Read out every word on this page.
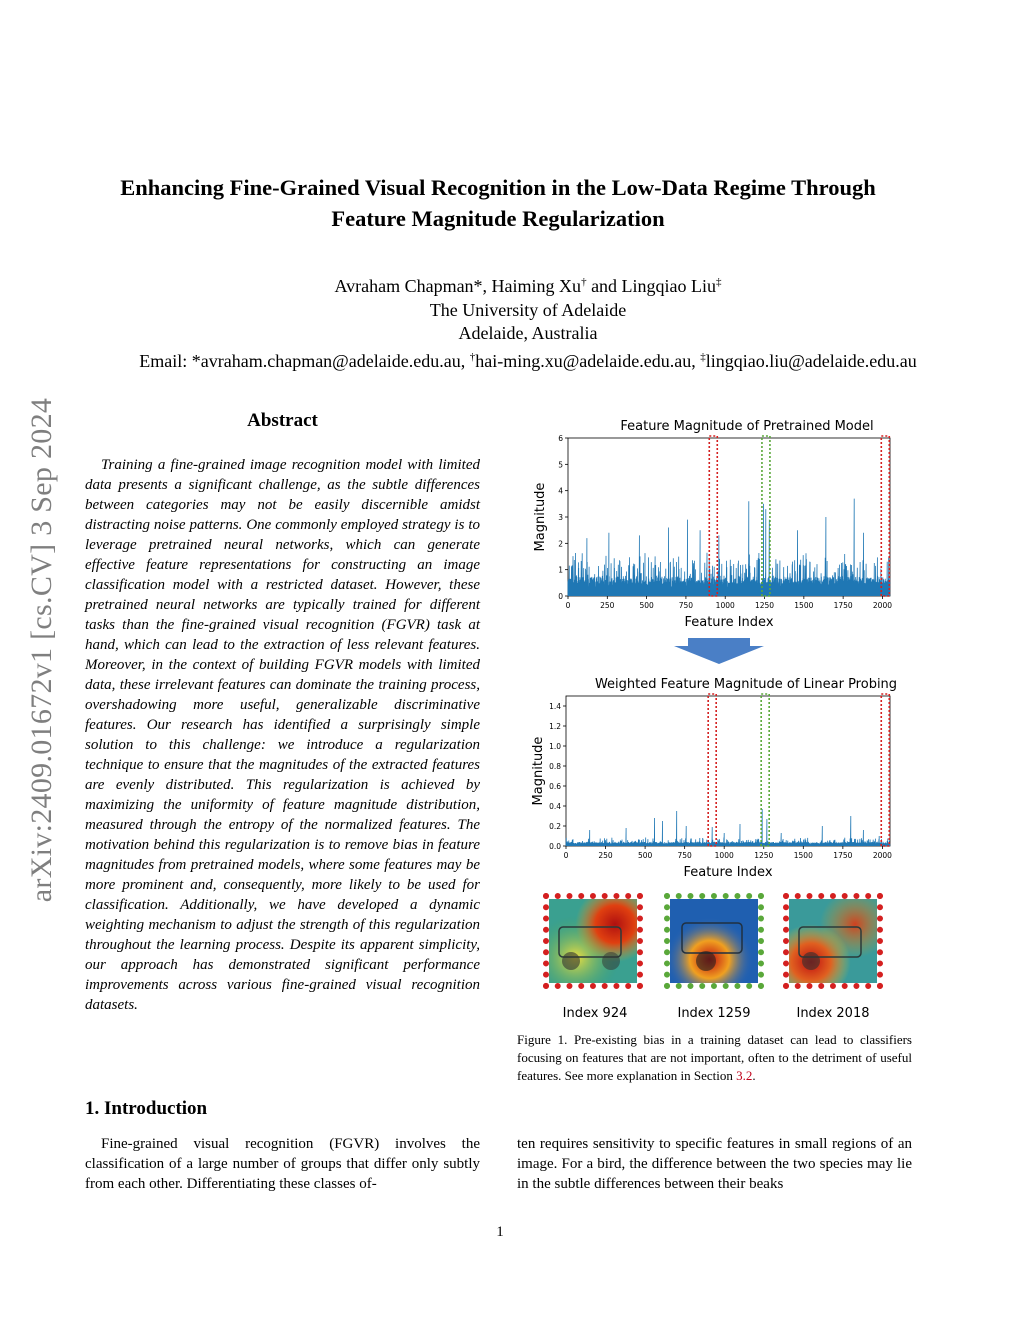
arXiv:2409.01672v1 [cs.CV] 3 Sep 2024
Enhancing Fine-Grained Visual Recognition in the Low-Data Regime Through
Feature Magnitude Regularization
Avraham Chapman*, Haiming Xu† and Lingqiao Liu‡
The University of Adelaide
Adelaide, Australia
Email: *avraham.chapman@adelaide.edu.au, †hai-ming.xu@adelaide.edu.au, ‡lingqiao.liu@adelaide.edu.au
Abstract
Training a fine-grained image recognition model with limited data presents a significant challenge, as the subtle differences between categories may not be easily discernible amidst distracting noise patterns. One commonly employed strategy is to leverage pretrained neural networks, which can generate effective feature representations for constructing an image classification model with a restricted dataset. However, these pretrained neural networks are typically trained for different tasks than the fine-grained visual recognition (FGVR) task at hand, which can lead to the extraction of less relevant features. Moreover, in the context of building FGVR models with limited data, these irrelevant features can dominate the training process, overshadowing more useful, generalizable discriminative features. Our research has identified a surprisingly simple solution to this challenge: we introduce a regularization technique to ensure that the magnitudes of the extracted features are evenly distributed. This regularization is achieved by maximizing the uniformity of feature magnitude distribution, measured through the entropy of the normalized features. The motivation behind this regularization is to remove bias in feature magnitudes from pretrained models, where some features may be more prominent and, consequently, more likely to be used for classification. Additionally, we have developed a dynamic weighting mechanism to adjust the strength of this regularization throughout the learning process. Despite its apparent simplicity, our approach has demonstrated significant performance improvements across various fine-grained visual recognition datasets.
1. Introduction
Fine-grained visual recognition (FGVR) involves the classification of a large number of groups that differ only subtly from each other. Differentiating these classes of-
ten requires sensitivity to specific features in small regions of an image. For a bird, the difference between the two species may lie in the subtle differences between their beaks
Feature Magnitude of Pretrained Model
0
1
2
3
4
5
6
0	250	500	750	1000	1250	1500	1750	2000
Feature Index
Magnitude
Weighted Feature Magnitude of Linear Probing
0.0
0.2
0.4
0.6
0.8
1.0
1.2
1.4
0	250	500	750	1000	1250	1500	1750	2000
Feature Index
Magnitude
Index 924	Index 1259	Index 2018
Figure 1. Pre-existing bias in a training dataset can lead to classifiers focusing on features that are not important, often to the detriment of useful features. See more explanation in Section 3.2.
1
